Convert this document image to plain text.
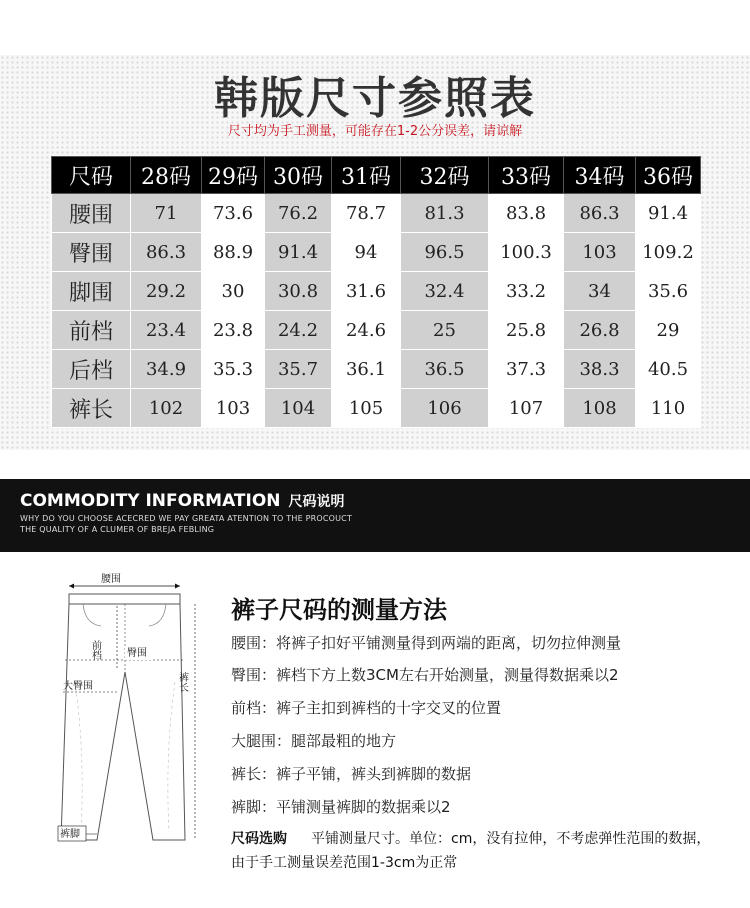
韩版尺寸参照表
尺寸均为手工测量，可能存在1-2公分误差，请谅解
尺码	28码	29码	30码	31码	32码	33码	34码	36码
腰围	71	73.6	76.2	78.7	81.3	83.8	86.3	91.4
臀围	86.3	88.9	91.4	94	96.5	100.3	103	109.2
脚围	29.2	30	30.8	31.6	32.4	33.2	34	35.6
前档	23.4	23.8	24.2	24.6	25	25.8	26.8	29
后档	34.9	35.3	35.7	36.1	36.5	37.3	38.3	40.5
裤长	102	103	104	105	106	107	108	110
COMMODITY INFORMATION 尺码说明
WHY DO YOU CHOOSE ACECRED WE PAY GREATA ATENTION TO THE PROCOUCT
THE QUALITY OF A CLUMER OF BREJA FEBLING
腰围
前档	臀围
大臀围	裤长
裤脚
裤子尺码的测量方法
腰围：将裤子扣好平铺测量得到两端的距离，切勿拉伸测量
臀围：裤档下方上数3CM左右开始测量，测量得数据乘以2
前档：裤子主扣到裤档的十字交叉的位置
大腿围：腿部最粗的地方
裤长：裤子平铺，裤头到裤脚的数据
裤脚：平铺测量裤脚的数据乘以2
尺码选购 平铺测量尺寸。单位：cm，没有拉伸，不考虑弹性范围的数据，
由于手工测量误差范围1-3cm为正常
